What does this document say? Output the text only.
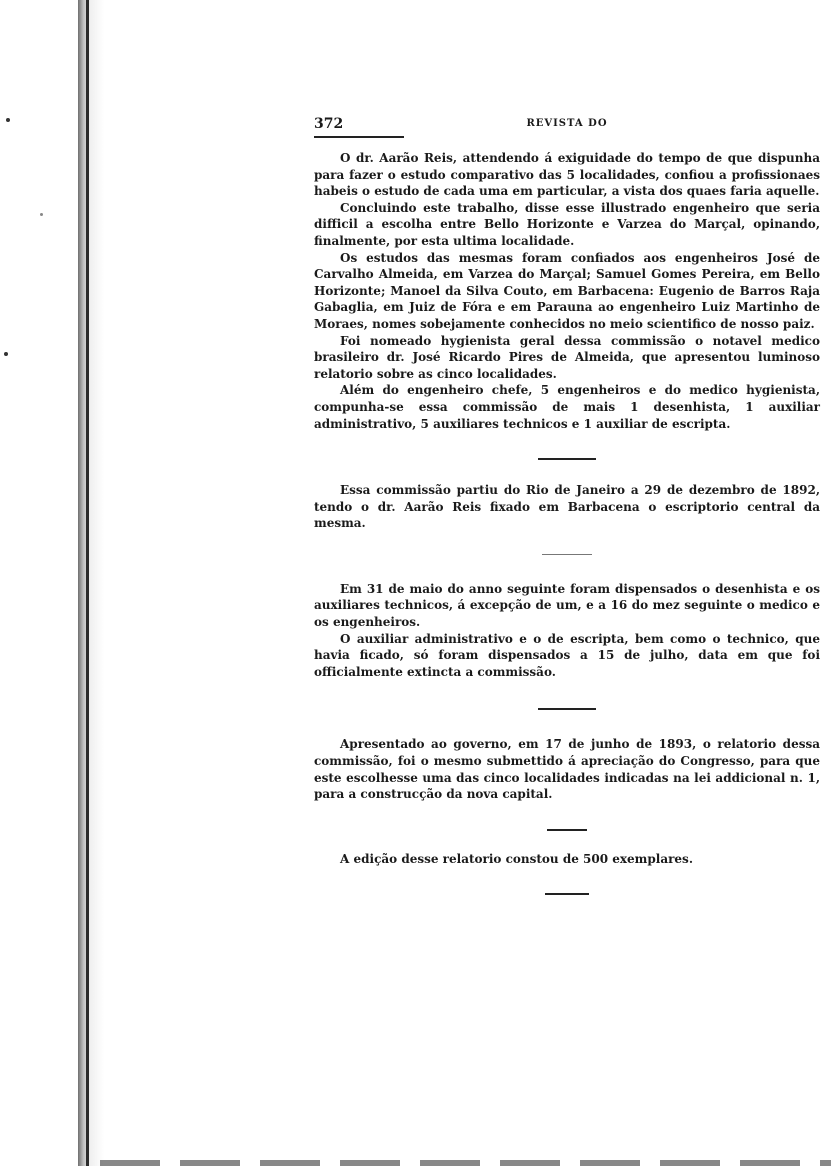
372	REVISTA DO

O dr. Aarão Reis, attendendo á exiguidade do tempo de que dispunha para fazer o estudo comparativo das 5 localidades, confiou a profissionaes habeis o estudo de cada uma em particular, a vista dos quaes faria aquelle.

Concluindo este trabalho, disse esse illustrado engenheiro que seria difficil a escolha entre Bello Horizonte e Varzea do Marçal, opinando, finalmente, por esta ultima localidade.

Os estudos das mesmas foram confiados aos engenheiros José de Carvalho Almeida, em Varzea do Marçal; Samuel Gomes Pereira, em Bello Horizonte; Manoel da Silva Couto, em Barbacena: Eugenio de Barros Raja Gabaglia, em Juiz de Fóra e em Parauna ao engenheiro Luiz Martinho de Moraes, nomes sobejamente conhecidos no meio scientifico de nosso paiz.

Foi nomeado hygienista geral dessa commissão o notavel medico brasileiro dr. José Ricardo Pires de Almeida, que apresentou luminoso relatorio sobre as cinco localidades.

Além do engenheiro chefe, 5 engenheiros e do medico hygienista, compunha-se essa commissão de mais 1 desenhista, 1 auxiliar administrativo, 5 auxiliares technicos e 1 auxiliar de escripta.

Essa commissão partiu do Rio de Janeiro a 29 de dezembro de 1892, tendo o dr. Aarão Reis fixado em Barbacena o escriptorio central da mesma.

Em 31 de maio do anno seguinte foram dispensados o desenhista e os auxiliares technicos, á excepção de um, e a 16 do mez seguinte o medico e os engenheiros.

O auxiliar administrativo e o de escripta, bem como o technico, que havia ficado, só foram dispensados a 15 de julho, data em que foi officialmente extincta a commissão.

Apresentado ao governo, em 17 de junho de 1893, o relatorio dessa commissão, foi o mesmo submettido á apreciação do Congresso, para que este escolhesse uma das cinco localidades indicadas na lei addicional n. 1, para a construcção da nova capital.

A edição desse relatorio constou de 500 exemplares.
